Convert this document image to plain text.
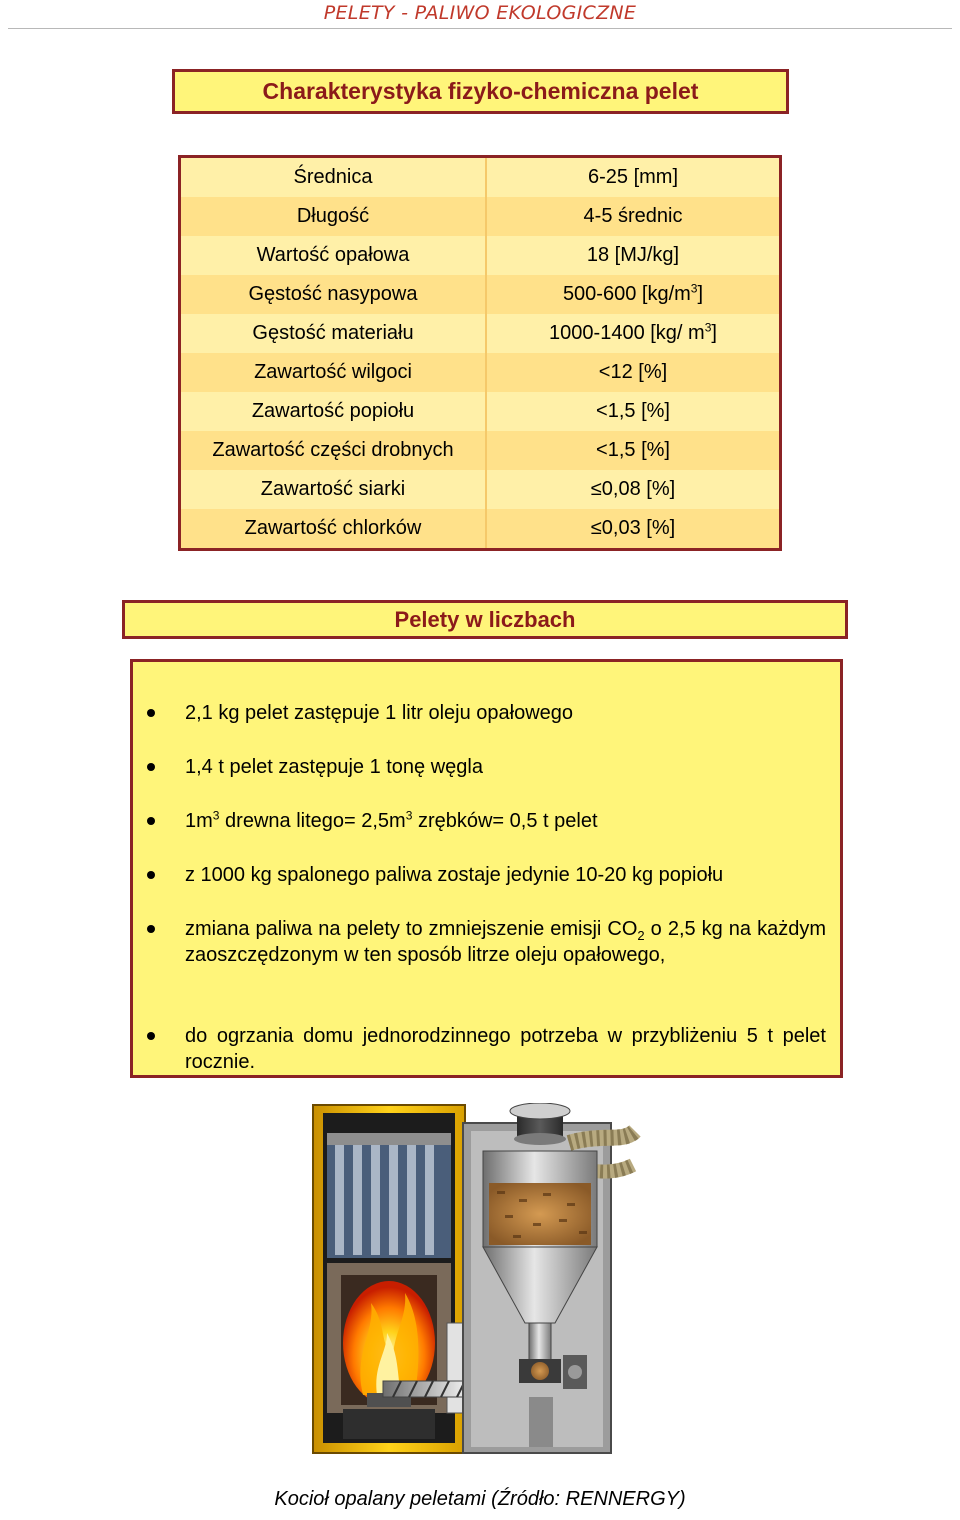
PELETY - PALIWO EKOLOGICZNE
Charakterystyka fizyko-chemiczna pelet
Średnica	6-25 [mm]
Długość	4-5 średnic
Wartość opałowa	18 [MJ/kg]
Gęstość nasypowa	500-600 $[kg/m^3]$
Gęstość materiału	1000-1400 [kg/ $m^3$]
Zawartość wilgoci	<12 [%]
Zawartość popiołu	<1,5 [%]
Zawartość części drobnych	<1,5 [%]
Zawartość siarki	≤0,08 [%]
Zawartość chlorków	≤0,03 [%]
Pelety w liczbach
2,1 kg pelet zastępuje 1 litr oleju opałowego
1,4 t pelet zastępuje 1 tonę węgla
$1m^3$ drewna litego= $2,5m^3$ zrębków= 0,5 t pelet
z 1000 kg spalonego paliwa zostaje jedynie 10-20 kg popiołu
zmiana paliwa na pelety to zmniejszenie emisji $CO_2$ o 2,5 kg na każdym zaoszczędzonym w ten sposób litrze oleju opałowego,
do ogrzania domu jednorodzinnego potrzeba w przybliżeniu 5 t pelet rocznie.
Kocioł opalany peletami (Źródło: RENNERGY)
